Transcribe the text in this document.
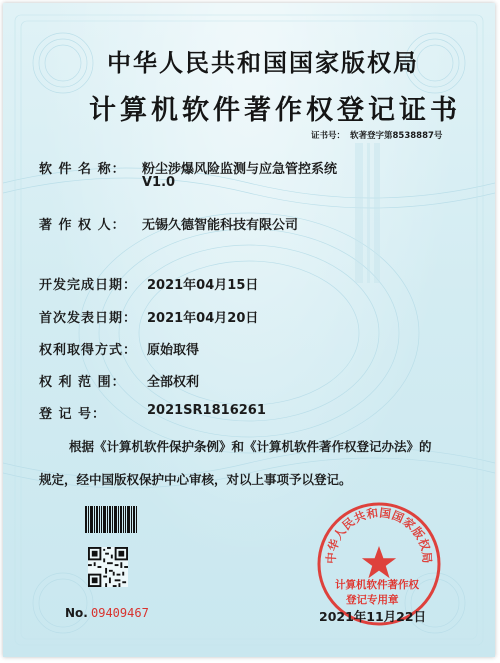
中华人民共和国国家版权局
计算机软件著作权登记证书
证书号： 软著登字第8538887号
软 件 名 称： 粉尘涉爆风险监测与应急管控系统
V1.0
著 作 权 人： 无锡久德智能科技有限公司
开发完成日期： 2021年04月15日
首次发表日期： 2021年04月20日
权利取得方式： 原始取得
权 利 范 围： 全部权利
登 记 号：	2021SR1816261
根据《计算机软件保护条例》和《计算机软件著作权登记办法》的
规定，经中国版权保护中心审核，对以上事项予以登记。
中华人民共和国国家版权局
计算机软件著作权
登记专用章
No. 09409467	2021年11月22日
